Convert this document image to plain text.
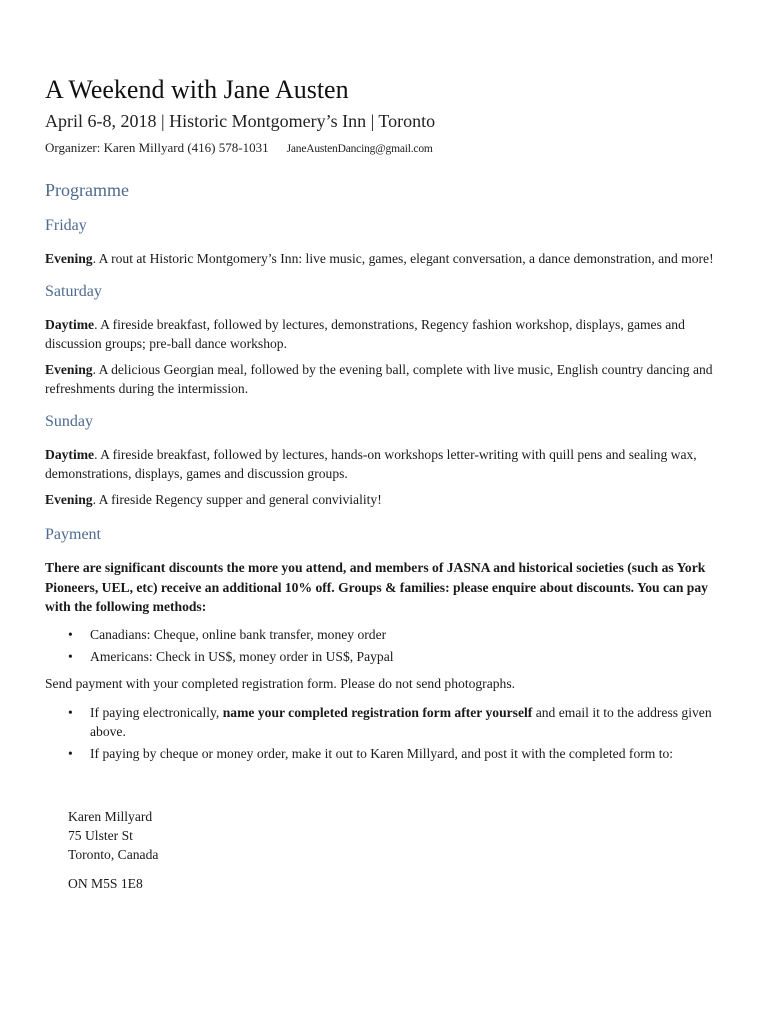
A Weekend with Jane Austen
April 6-8, 2018 | Historic Montgomery’s Inn | Toronto
Organizer: Karen Millyard (416) 578-1031 JaneAustenDancing@gmail.com
Programme
Friday

Evening. A rout at Historic Montgomery’s Inn: live music, games, elegant conversation, a dance demonstration, and more!

Saturday

Daytime. A fireside breakfast, followed by lectures, demonstrations, Regency fashion workshop, displays, games and discussion groups; pre-ball dance workshop.

Evening. A delicious Georgian meal, followed by the evening ball, complete with live music, English country dancing and refreshments during the intermission.

Sunday

Daytime. A fireside breakfast, followed by lectures, hands-on workshops letter-writing with quill pens and sealing wax, demonstrations, displays, games and discussion groups.

Evening. A fireside Regency supper and general conviviality!

Payment

There are significant discounts the more you attend, and members of JASNA and historical societies (such as York Pioneers, UEL, etc) receive an additional 10% off. Groups & families: please enquire about discounts. You can pay with the following methods:

• Canadians: Cheque, online bank transfer, money order
• Americans: Check in US$, money order in US$, Paypal

Send payment with your completed registration form. Please do not send photographs.

• If paying electronically, name your completed registration form after yourself and email it to the address given above.
• If paying by cheque or money order, make it out to Karen Millyard, and post it with the completed form to:
Karen Millyard
75 Ulster St
Toronto, Canada
ON M5S 1E8
